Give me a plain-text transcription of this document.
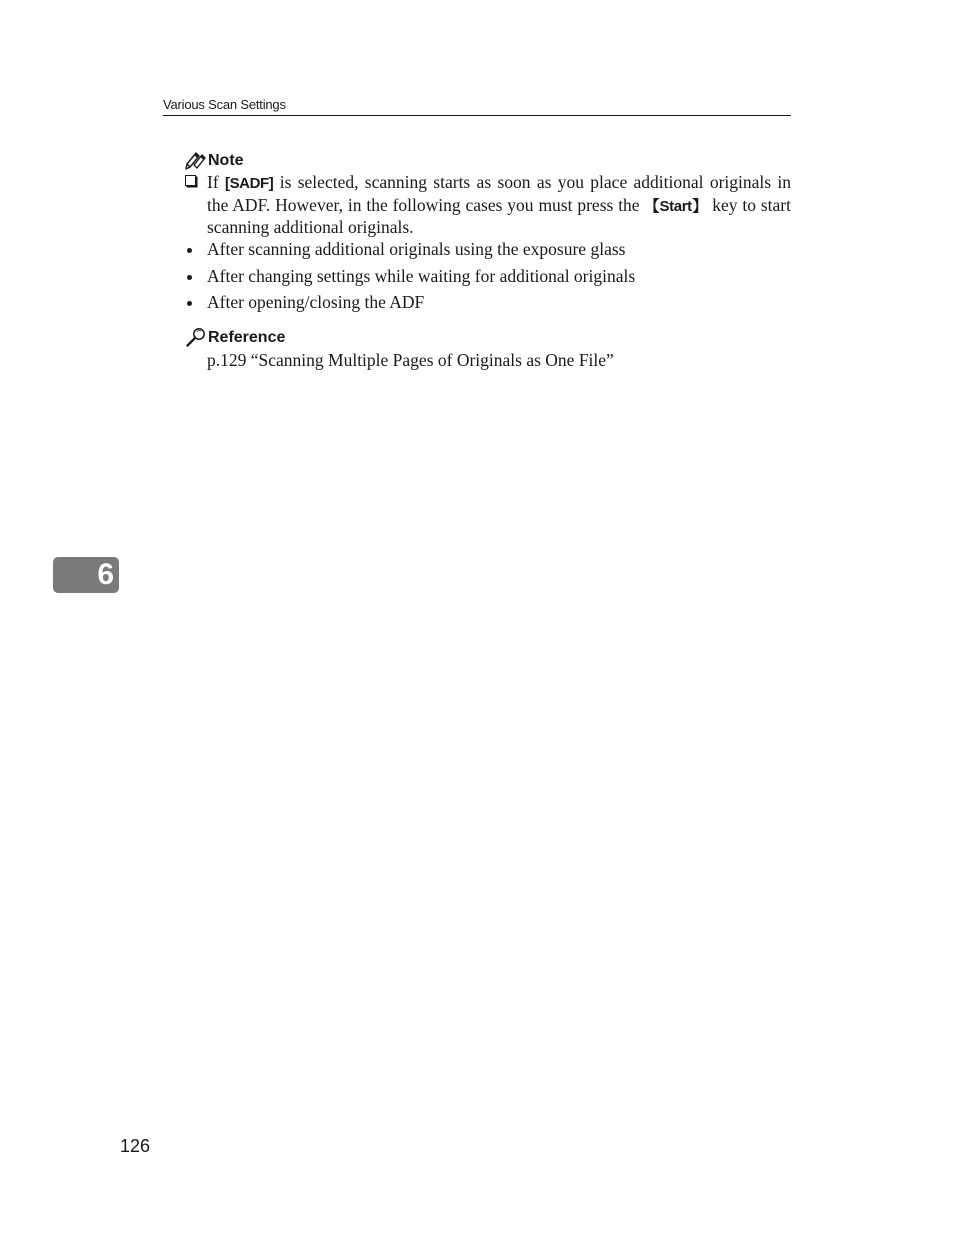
Various Scan Settings
Note
If [SADF] is selected, scanning starts as soon as you place additional originals in the ADF. However, in the following cases you must press the 【Start】 key to start scanning additional originals.
After scanning additional originals using the exposure glass
After changing settings while waiting for additional originals
After opening/closing the ADF
Reference
p.129 “Scanning Multiple Pages of Originals as One File”
6
126
